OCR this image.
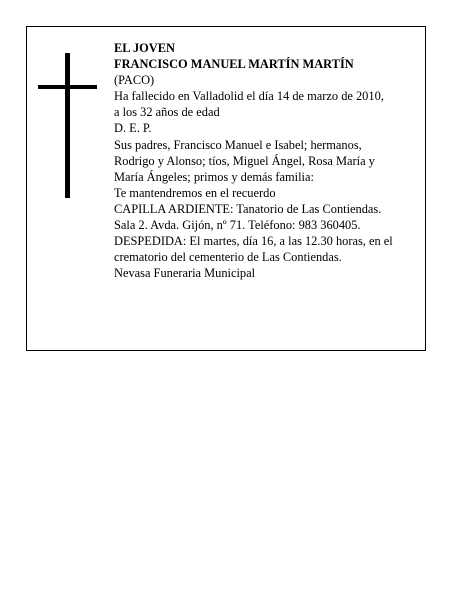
EL JOVEN
FRANCISCO MANUEL MARTÍN MARTÍN
(PACO)
Ha fallecido en Valladolid el día 14 de marzo de 2010,
a los 32 años de edad
D. E. P.
Sus padres, Francisco Manuel e Isabel; hermanos,
Rodrigo y Alonso; tíos, Miguel Ángel, Rosa María y
María Ángeles; primos y demás familia:
Te mantendremos en el recuerdo
CAPILLA ARDIENTE: Tanatorio de Las Contiendas.
Sala 2. Avda. Gijón, nº 71. Teléfono: 983 360405.
DESPEDIDA: El martes, día 16, a las 12.30 horas, en el
crematorio del cementerio de Las Contiendas.
Nevasa Funeraria Municipal
